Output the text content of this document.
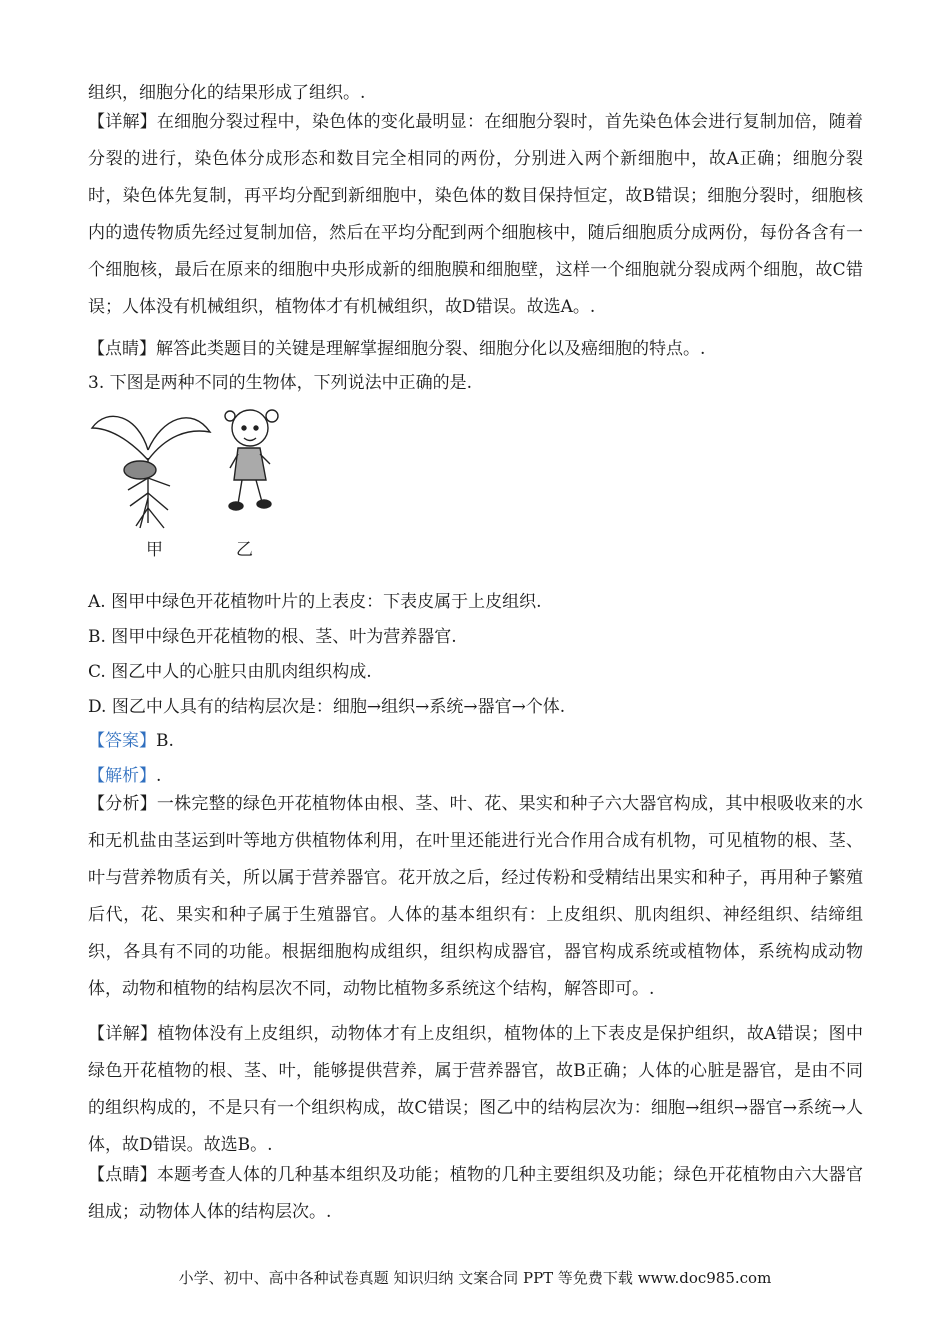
组织，细胞分化的结果形成了组织。.
【详解】在细胞分裂过程中，染色体的变化最明显：在细胞分裂时，首先染色体会进行复制加倍，随着分裂的进行，染色体分成形态和数目完全相同的两份，分别进入两个新细胞中，故A正确；细胞分裂时，染色体先复制，再平均分配到新细胞中，染色体的数目保持恒定，故B错误；细胞分裂时，细胞核内的遗传物质先经过复制加倍，然后在平均分配到两个细胞核中，随后细胞质分成两份，每份各含有一个细胞核，最后在原来的细胞中央形成新的细胞膜和细胞壁，这样一个细胞就分裂成两个细胞，故C错误；人体没有机械组织，植物体才有机械组织，故D错误。故选A。.
【点睛】解答此类题目的关键是理解掌握细胞分裂、细胞分化以及癌细胞的特点。.
3. 下图是两种不同的生物体，下列说法中正确的是.
甲	乙
A. 图甲中绿色开花植物叶片的上表皮：下表皮属于上皮组织.
B. 图甲中绿色开花植物的根、茎、叶为营养器官.
C. 图乙中人的心脏只由肌肉组织构成.
D. 图乙中人具有的结构层次是：细胞→组织→系统→器官→个体.
【答案】B.
【解析】.
【分析】一株完整的绿色开花植物体由根、茎、叶、花、果实和种子六大器官构成，其中根吸收来的水和无机盐由茎运到叶等地方供植物体利用，在叶里还能进行光合作用合成有机物，可见植物的根、茎、叶与营养物质有关，所以属于营养器官。花开放之后，经过传粉和受精结出果实和种子，再用种子繁殖后代，花、果实和种子属于生殖器官。人体的基本组织有：上皮组织、肌肉组织、神经组织、结缔组织，各具有不同的功能。根据细胞构成组织，组织构成器官，器官构成系统或植物体，系统构成动物体，动物和植物的结构层次不同，动物比植物多系统这个结构，解答即可。.
【详解】植物体没有上皮组织，动物体才有上皮组织，植物体的上下表皮是保护组织，故A错误；图中绿色开花植物的根、茎、叶，能够提供营养，属于营养器官，故B正确；人体的心脏是器官，是由不同的组织构成的，不是只有一个组织构成，故C错误；图乙中的结构层次为：细胞→组织→器官→系统→人体，故D错误。故选B。.
【点睛】本题考查人体的几种基本组织及功能；植物的几种主要组织及功能；绿色开花植物由六大器官组成；动物体人体的结构层次。.
小学、初中、高中各种试卷真题 知识归纳 文案合同 PPT 等免费下载 www.doc985.com
